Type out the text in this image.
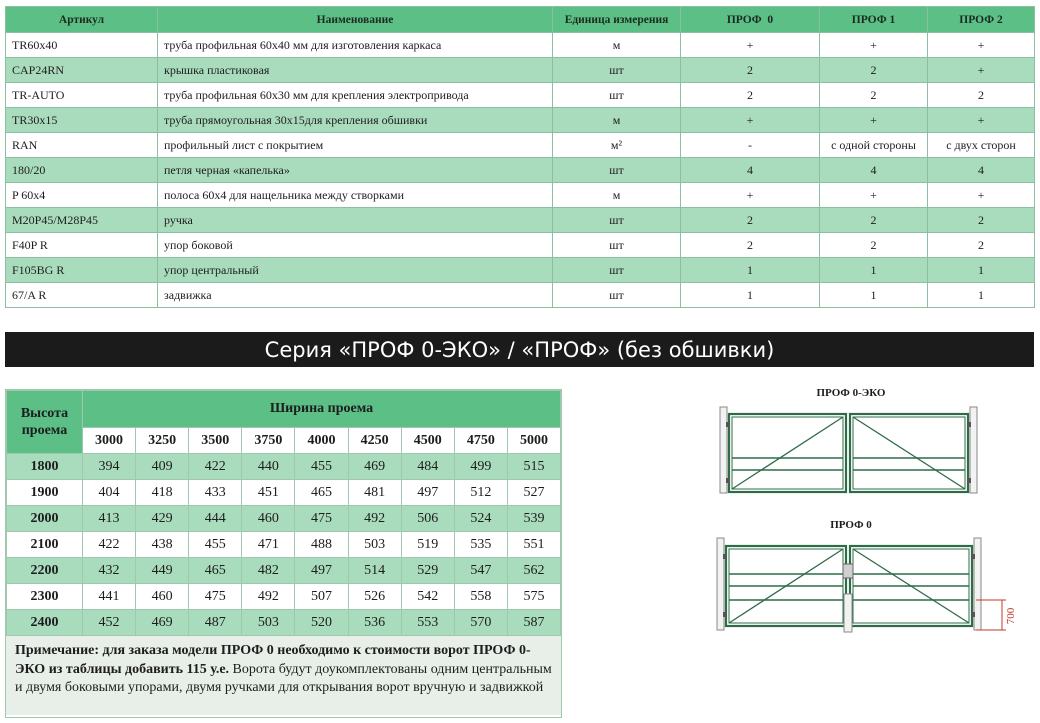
Артикул	Наименование	Единица измерения	ПРОФ  0	ПРОФ 1	ПРОФ 2
TR60x40	труба профильная 60х40 мм для изготовления каркаса	м	+	+	+
CAP24RN	крышка пластиковая	шт	2	2	+
TR-AUTO	труба профильная 60х30 мм для крепления электропривода	шт	2	2	2
TR30x15	труба прямоугольная 30х15для крепления обшивки	м	+	+	+
RAN	профильный лист с покрытием	м²	-	с одной стороны	с двух сторон
180/20	петля черная «капелька»	шт	4	4	4
P 60x4	полоса 60х4 для нащельника между створками	м	+	+	+
M20P45/M28P45	ручка	шт	2	2	2
F40P R	упор боковой	шт	2	2	2
F105BG R	упор центральный	шт	1	1	1
67/A R	задвижка	шт	1	1	1
Серия «ПРОФ 0-ЭКО» / «ПРОФ» (без обшивки)
Высота
проема	Ширина проема								
	3000	3250	3500	3750	4000	4250	4500	4750	5000
1800	394	409	422	440	455	469	484	499	515
1900	404	418	433	451	465	481	497	512	527
2000	413	429	444	460	475	492	506	524	539
2100	422	438	455	471	488	503	519	535	551
2200	432	449	465	482	497	514	529	547	562
2300	441	460	475	492	507	526	542	558	575
2400	452	469	487	503	520	536	553	570	587
Примечание: для заказа модели ПРОФ 0 необходимо к стоимости ворот ПРОФ 0-ЭКО из таблицы добавить 115 у.е. Ворота будут доукомплектованы одним центральным и двумя боковыми упорами, двумя ручками для открывания ворот вручную и задвижкой
ПРОФ 0-ЭКО
ПРОФ 0
700
